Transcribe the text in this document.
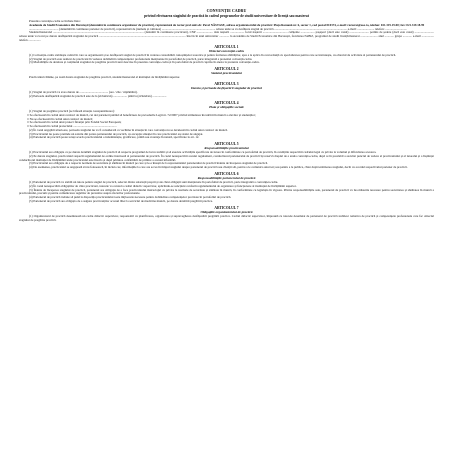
CONVENȚIE CADRU
privind efectuarea stagiului de practică în cadrul programelor de studii universitare de licență sau masterat

Prezenta convenție-cadru se încheie între:

Academia de Studii Economice din București (denumită în continuare organizator de practică), reprezentată de rector prof.univ.dr. Pavel NĂSTASE, adresa organizatorului de practică: Piața Romană nr. 6, sector 1, cod postal 010374, e-mail: rectorat@ase.ro, telefon: 021.319.19.00; fax: 021.319.18.99

...................................... (denumită în continuare partener de practică), reprezentată de (numele și calitatea) ..................................................................... adresa unde se va desfășura stagiul de practică .............................................................................................. e-mail: ...................... telefon: ............................

Student/masterand ..................................................................................................................... (denumit în continuare practicant), CNP ..................... data nașterii .................. locul nașterii ................................ cetățenie .................. pașaport (dacă este cazul) ......................... permis de ședere (dacă este cazul) ......................... adresa unde va locui pe durata desfășurării stagiului de practică ................................................................................................................ înscris în anul universitar ............. la Academia de Studii Economice din București, facultatea FABIZ, programul de studii licență/masterat ...................... anul ............ grupa ............ e-mail ................ telefon ................

ARTICOLUL 1
Obiectul convenției-cadru

(1) Convenția-cadru stabilește cadrul în care se organizează și se desfășoară stagiul de practică în vederea consolidării cunoștințelor teoretice și pentru formarea abilităților, spre a le aplica în concordanță cu specializarea pentru care se instruiește, cu obiectul de activitate al partenerului de practică.

(2) Stagiul de practică este realizat de practicant în vederea dobândirii competențelor profesionale menționate în portofoliul de practică, parte integrantă a prezentei convenții-cadru.

(3) Modalitățile de derulare și conținutul stagiului de pregătire practică sunt descrise în prezenta convenție-cadru și în portofoliul de practică cuprins în anexa la prezenta convenție-cadru.

ARTICOLUL 2
Statutul practicantului

Practicantul rămâne, pe toată durata stagiului de pregătire practică, student/masterand al instituției de învățământ superior.

ARTICOLUL 3
Durata și perioada desfășurării stagiului de practică

(1) Stagiul de practică va avea durata de ..................................... (ore / zile / săptămâni).

(2) Perioada desfășurării stagiului de practică este de la (zi/lună/an) .................. până la (zi/lună/an) ..................

ARTICOLUL 4
Plata și obligațiile sociale

(1) Stagiul de pregătire practică (se bifează situația corespunzătoare):

□ Se efectuează în cadrul unui contract de muncă, cei doi parteneri putând să beneficieze de prevederile Legii nr. 72/2007 privind stimularea încadrării în muncă a elevilor și studenților;

□ Nu se efectuează în cadrul unui contract de muncă;

□ Se efectuează în cadrul unui proiect finanțat prin Fondul Social European;

□ Se efectuează în cadrul proiectului ........................................................

(2) În cazul angajării ulterioare, perioada stagiului nu va fi considerată ca vechime în situația în care convenția nu se derulează în cadrul unui contract de muncă.

(3) Practicantul nu poate pretinde un salariu din partea partenerului de practică, cu excepția situației în care practicantul are statut de angajat.

(4) Partenerul de practică poate totuși acorda practicantului o indemnizație, gratificare, primă sau avantaje în natură, specificate la art. 12.

ARTICOLUL 5
Responsabilitățile practicantului

(1) Practicantul are obligația ca pe durata derulării stagiului de practică să respecte programul de lucru stabilit și să execute activitățile specificate de tutore în conformitate cu portofoliul de practică, în condițiile respectării cadrului legal cu privire la volumul și dificultatea acestora.

(2) Pe durata stagiului, practicantul respectă regulamentul de ordine interioară al partenerului de practică. În cazul nerespectării acestui regulament, conducătorul partenerului de practică își rezervă dreptul de a anula convenția-cadru, după ce în prealabil a ascultat punctul de vedere al practicantului și al tutorelui și a înștiințat conducătorul instituției de învățământ unde practicantul este înscris și după primirea confirmării de primire a acestei informări.

(3) Practicantul are obligația de a respecta normele de securitate și sănătate în muncă pe care și le-a însușit de la reprezentantul partenerului de practică înainte de începerea stagiului de practică.

(4) De asemenea, practicantul se angajează să nu folosească, în niciun caz, informațiile la care are acces în timpul stagiului despre partenerul de practică sau clienții săi, pentru a le comunica unui terț sau pentru a le publica, chiar după terminarea stagiului, decât cu acordul respectivului partener de practică.

ARTICOLUL 6
Responsabilitățile partenerului de practică

(1) Partenerul de practică va stabili un tutore pentru stagiul de practică, selectat dintre salariații proprii și ale cărui obligații sunt menționate în portofoliul de practică, parte integrantă a convenției-cadru.

(2) În cazul nerespectării obligațiilor de către practicant, tutorele va contacta cadrul didactic supervizor, aplicându-se sancțiuni conform regulamentului de organizare și funcționare al instituției de învățământ superior.

(3) Înainte de începerea stagiului de practică, partenerul are obligația de a face practicantului instructajul cu privire la normele de securitate și sănătate în muncă, în conformitate cu legislația în vigoare. Printre responsabilitățile sale, partenerul de practică va lua măsurile necesare pentru securitatea și sănătatea în muncă a practicantului, precum și pentru comunicarea regulilor de prevenire asupra riscurilor profesionale.

(4) Partenerul de practică trebuie să pună la dispoziția practicantului toate mijloacele necesare pentru dobândirea competențelor precizate în portofoliul de practică.

(5) Partenerul de practică are obligația de a asigura practicanților accesul liber la serviciul de medicina muncii, pe durata derulării pregătirii practice.

ARTICOLUL 7
Obligațiile organizatorului de practică

(1) Organizatorul de practică desemnează un cadru didactic supervizor, responsabil cu planificarea, organizarea și supravegherea desfășurării pregătirii practice. Cadrul didactic supervizor, împreună cu tutorele desemnat de partenerul de practică stabilesc tematica de practică și competențele profesionale care fac obiectul stagiului de pregătire practică.
